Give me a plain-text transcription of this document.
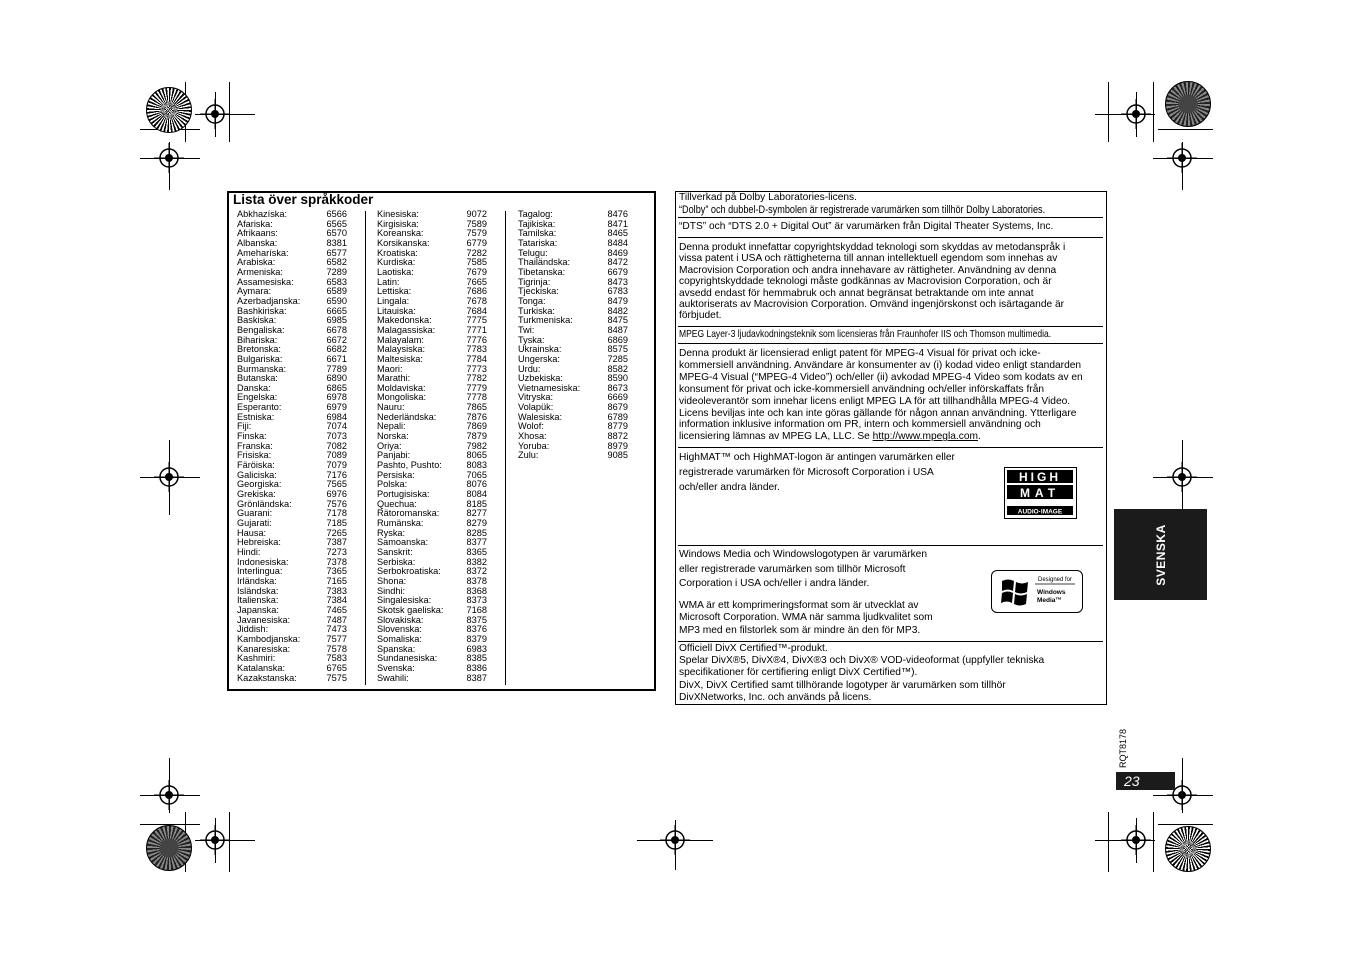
Lista över språkkoder
Abkhazíska:	6566
Afariska:	6565
Afrikaans:	6570
Albanska:	8381
Ameharíska:	6577
Arabiska:	6582
Armeniska:	7289
Assamesiska:	6583
Aymara:	6589
Azerbadjanska:	6590
Bashkiriska:	6665
Baskiska:	6985
Bengaliska:	6678
Bihariska:	6672
Bretonska:	6682
Bulgariska:	6671
Burmanska:	7789
Butanska:	6890
Danska:	6865
Engelska:	6978
Esperanto:	6979
Estniska:	6984
Fiji:	7074
Finska:	7073
Franska:	7082
Frisiska:	7089
Färöiska:	7079
Galiciska:	7176
Georgiska:	7565
Grekiska:	6976
Grönländska:	7576
Guarani:	7178
Gujarati:	7185
Hausa:	7265
Hebreiska:	7387
Hindi:	7273
Indonesiska:	7378
Interlingua:	7365
Irländska:	7165
Isländska:	7383
Italienska:	7384
Japanska:	7465
Javanesiska:	7487
Jiddish:	7473
Kambodjanska:	7577
Kanaresiska:	7578
Kashmiri:	7583
Katalanska:	6765
Kazakstanska:	7575
Kinesiska:	9072
Kirgisiska:	7589
Koreanska:	7579
Korsikanska:	6779
Kroatiska:	7282
Kurdiska:	7585
Laotiska:	7679
Latin:	7665
Lettiska:	7686
Lingala:	7678
Litauiska:	7684
Makedonska:	7775
Malagassiska:	7771
Malayalam:	7776
Malaysiska:	7783
Maltesiska:	7784
Maori:	7773
Marathi:	7782
Moldaviska:	7779
Mongoliska:	7778
Nauru:	7865
Nederländska:	7876
Nepali:	7869
Norska:	7879
Oriya:	7982
Panjabi:	8065
Pashto, Pushto:	8083
Persiska:	7065
Polska:	8076
Portugisiska:	8084
Quechua:	8185
Rätoromanska:	8277
Rumänska:	8279
Ryska:	8285
Samoanska:	8377
Sanskrit:	8365
Serbiska:	8382
Serbokroatiska:	8372
Shona:	8378
Sindhi:	8368
Singalesiska:	8373
Skotsk gaeliska:	7168
Slovakiska:	8375
Slovenska:	8376
Somaliska:	8379
Spanska:	6983
Sundanesiska:	8385
Svenska:	8386
Swahili:	8387
Tagalog:	8476
Tajikiska:	8471
Tamilska:	8465
Tatariska:	8484
Telugu:	8469
Thailändska:	8472
Tibetanska:	6679
Tigrinja:	8473
Tjeckiska:	6783
Tonga:	8479
Turkiska:	8482
Turkmeniska:	8475
Twi:	8487
Tyska:	6869
Ukrainska:	8575
Ungerska:	7285
Urdu:	8582
Uzbekiska:	8590
Vietnamesiska:	8673
Vitryska:	6669
Volapük:	8679
Walesiska:	6789
Wolof:	8779
Xhosa:	8872
Yoruba:	8979
Zulu:	9085
Tillverkad på Dolby Laboratories-licens.
“Dolby” och dubbel-D-symbolen är registrerade varumärken som tillhör Dolby Laboratories.
“DTS” och “DTS 2.0 + Digital Out” är varumärken från Digital Theater Systems, Inc.
Denna produkt innefattar copyrightskyddad teknologi som skyddas av metodanspråk i
vissa patent i USA och rättigheterna till annan intellektuell egendom som innehas av
Macrovision Corporation och andra innehavare av rättigheter. Användning av denna
copyrightskyddade teknologi måste godkännas av Macrovision Corporation, och är
avsedd endast för hemmabruk och annat begränsat betraktande om inte annat
auktoriserats av Macrovision Corporation. Omvänd ingenjörskonst och isärtagande är
förbjudet.
MPEG Layer-3 ljudavkodningsteknik som licensieras från Fraunhofer IIS och Thomson multimedia.
Denna produkt är licensierad enligt patent för MPEG-4 Visual för privat och icke-
kommersiell användning. Användare är konsumenter av (i) kodad video enligt standarden
MPEG-4 Visual (“MPEG-4 Video”) och/eller (ii) avkodad MPEG-4 Video som kodats av en
konsument för privat och icke-kommersiell användning och/eller införskaffats från
videoleverantör som innehar licens enligt MPEG LA för att tillhandhålla MPEG-4 Video.
Licens beviljas inte och kan inte göras gällande för någon annan användning. Ytterligare
information inklusive information om PR, intern och kommersiell användning och
licensiering lämnas av MPEG LA, LLC. Se http://www.mpegla.com.
HighMAT™ och HighMAT-logon är antingen varumärken eller
registrerade varumärken för Microsoft Corporation i USA
och/eller andra länder.
Windows Media och Windowslogotypen är varumärken
eller registrerade varumärken som tillhör Microsoft
Corporation i USA och/eller i andra länder.
WMA är ett komprimeringsformat som är utvecklat av
Microsoft Corporation. WMA när samma ljudkvalitet som
MP3 med en filstorlek som är mindre än den för MP3.
Officiell DivX Certified™-produkt.
Spelar DivX®5, DivX®4, DivX®3 och DivX® VOD-videoformat (uppfyller tekniska
specifikationer för certifiering enligt DivX Certified™).
DivX, DivX Certified samt tillhörande logotyper är varumärken som tillhör
DivXNetworks, Inc. och används på licens.
HIGH
MAT
AUDIO·IMAGE
Designed for
Windows
Media™
SVENSKA
RQT8178
23
